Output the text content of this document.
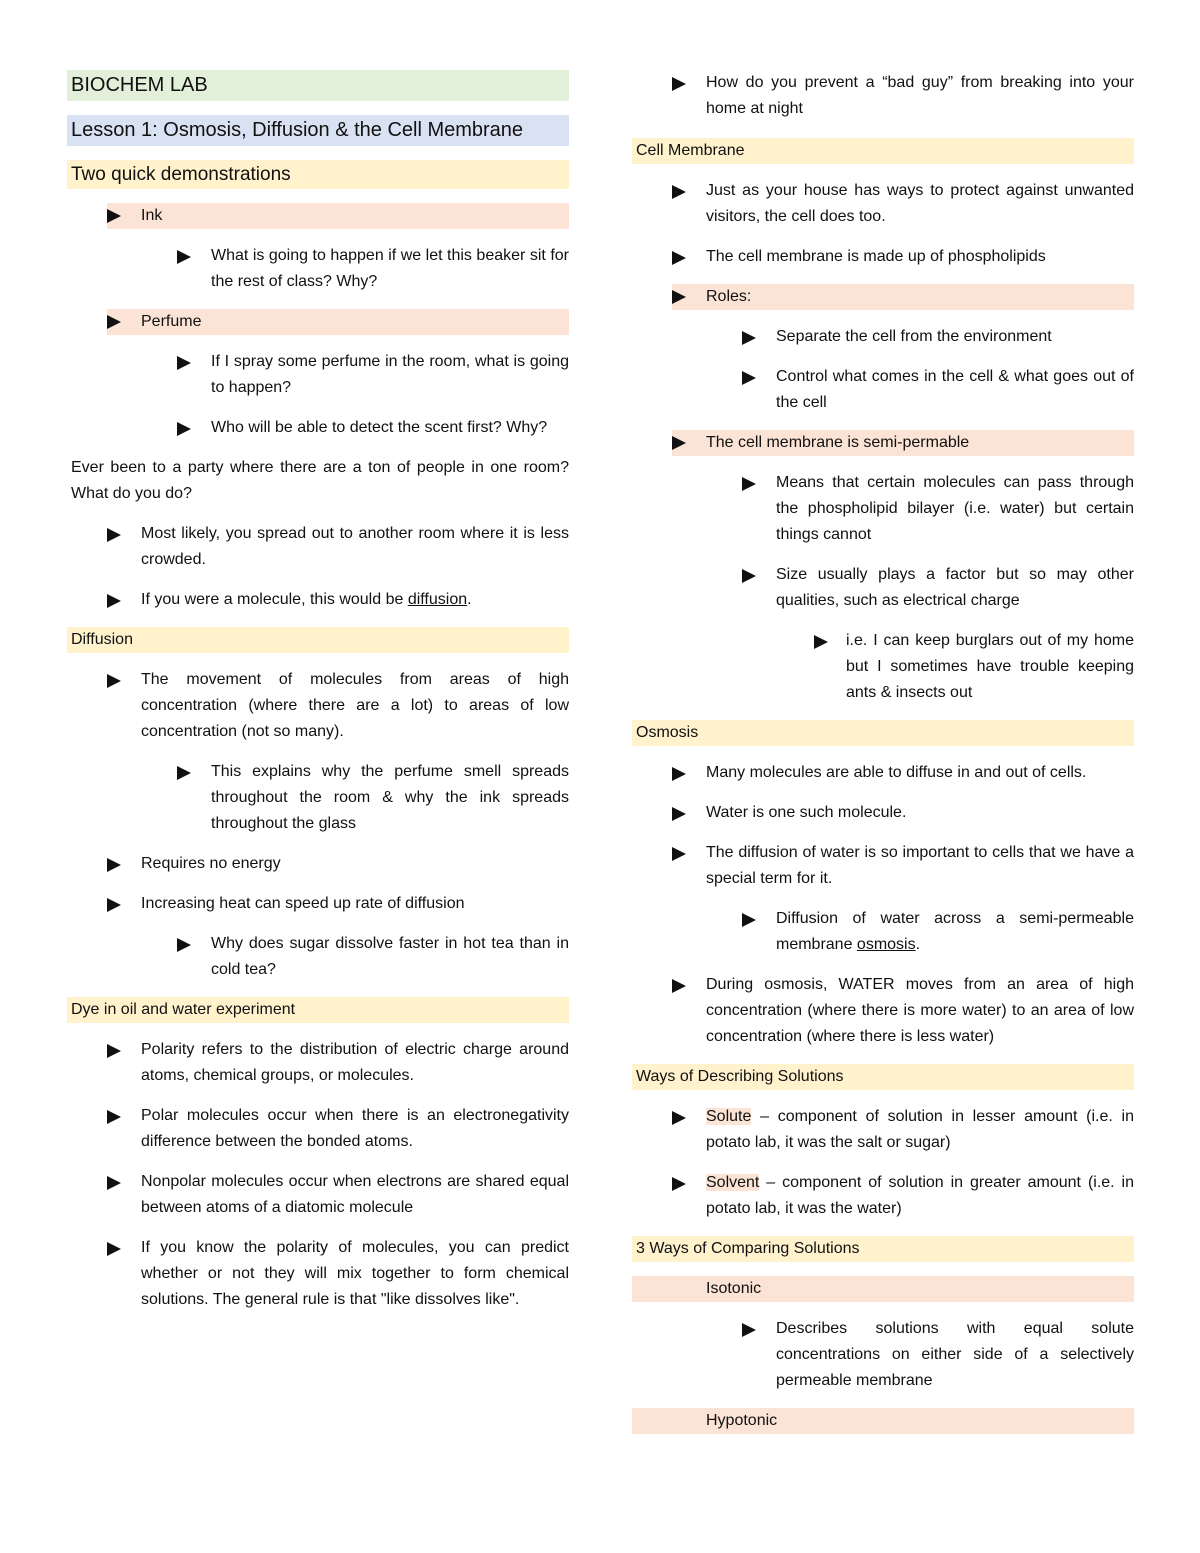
BIOCHEM LAB
Lesson 1: Osmosis, Diffusion & the Cell Membrane
Two quick demonstrations
Ink
What is going to happen if we let this beaker sit for the rest of class? Why?
Perfume
If I spray some perfume in the room, what is going to happen?
Who will be able to detect the scent first? Why?
Ever been to a party where there are a ton of people in one room? What do you do?
Most likely, you spread out to another room where it is less crowded.
If you were a molecule, this would be diffusion.
Diffusion
The movement of molecules from areas of high concentration (where there are a lot) to areas of low concentration (not so many).
This explains why the perfume smell spreads throughout the room & why the ink spreads throughout the glass
Requires no energy
Increasing heat can speed up rate of diffusion
Why does sugar dissolve faster in hot tea than in cold tea?
Dye in oil and water experiment
Polarity refers to the distribution of electric charge around atoms, chemical groups, or molecules.
Polar molecules occur when there is an electronegativity difference between the bonded atoms.
Nonpolar molecules occur when electrons are shared equal between atoms of a diatomic molecule
If you know the polarity of molecules, you can predict whether or not they will mix together to form chemical solutions. The general rule is that "like dissolves like".
How do you prevent a “bad guy” from breaking into your home at night
Cell Membrane
Just as your house has ways to protect against unwanted visitors, the cell does too.
The cell membrane is made up of phospholipids
Roles:
Separate the cell from the environment
Control what comes in the cell & what goes out of the cell
The cell membrane is semi-permable
Means that certain molecules can pass through the phospholipid bilayer (i.e. water) but certain things cannot
Size usually plays a factor but so may other qualities, such as electrical charge
i.e. I can keep burglars out of my home but I sometimes have trouble keeping ants & insects out
Osmosis
Many molecules are able to diffuse in and out of cells.
Water is one such molecule.
The diffusion of water is so important to cells that we have a special term for it.
Diffusion of water across a semi-permeable membrane osmosis.
During osmosis, WATER moves from an area of high concentration (where there is more water) to an area of low concentration (where there is less water)
Ways of Describing Solutions
Solute – component of solution in lesser amount (i.e. in potato lab, it was the salt or sugar)
Solvent – component of solution in greater amount (i.e. in potato lab, it was the water)
3 Ways of Comparing Solutions
Isotonic
Describes solutions with equal solute concentrations on either side of a selectively permeable membrane
Hypotonic
